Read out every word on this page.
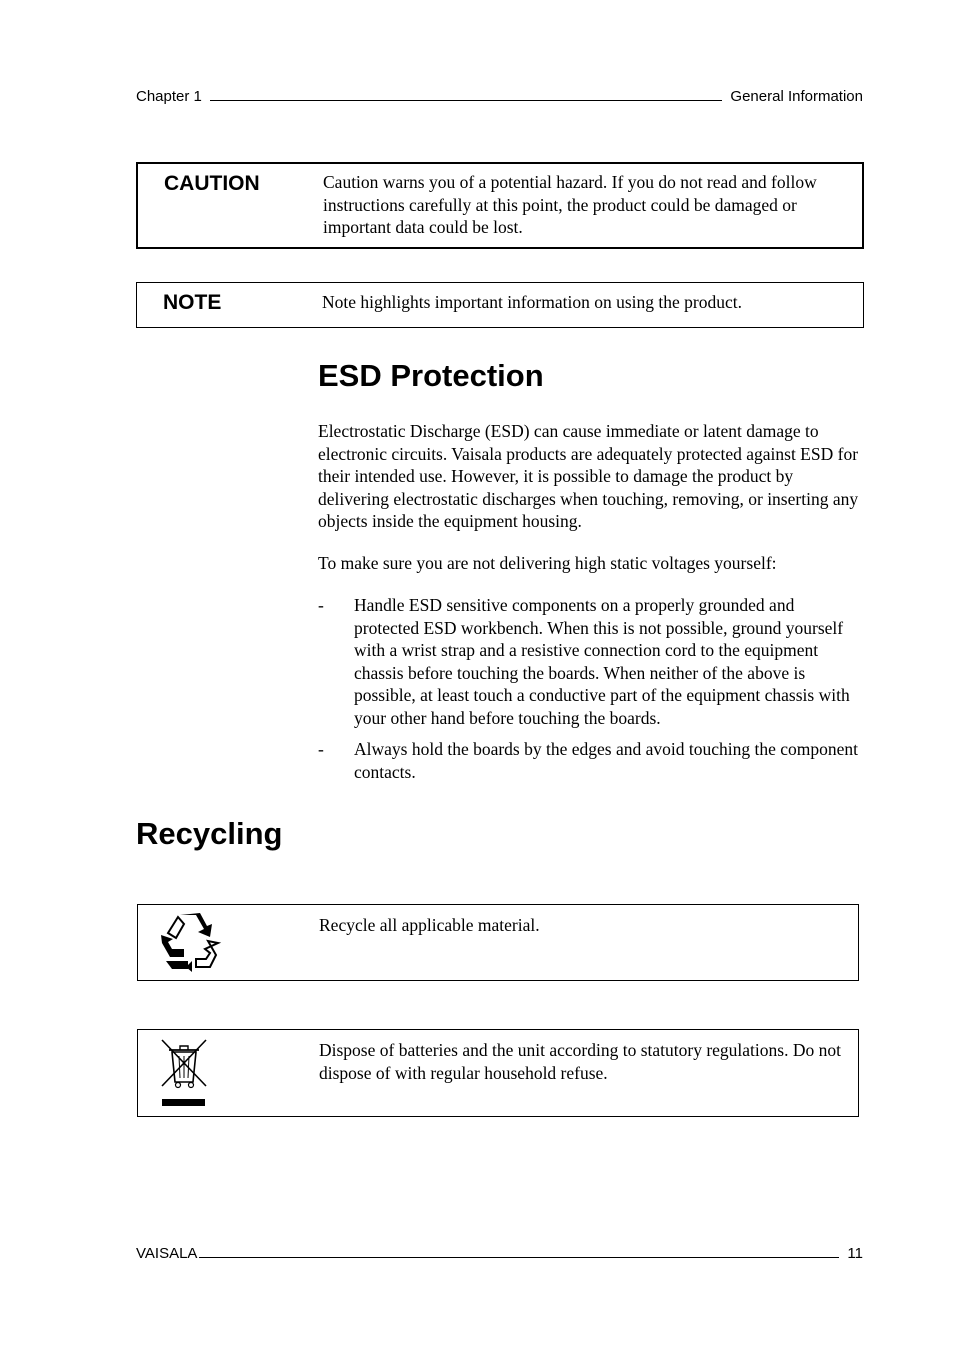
Chapter 1	General Information
CAUTION	Caution warns you of a potential hazard. If you do not read and follow instructions carefully at this point, the product could be damaged or important data could be lost.
NOTE	Note highlights important information on using the product.
ESD Protection

Electrostatic Discharge (ESD) can cause immediate or latent damage to electronic circuits. Vaisala products are adequately protected against ESD for their intended use. However, it is possible to damage the product by delivering electrostatic discharges when touching, removing, or inserting any objects inside the equipment housing.

To make sure you are not delivering high static voltages yourself:

- Handle ESD sensitive components on a properly grounded and protected ESD workbench. When this is not possible, ground yourself with a wrist strap and a resistive connection cord to the equipment chassis before touching the boards. When neither of the above is possible, at least touch a conductive part of the equipment chassis with your other hand before touching the boards.
- Always hold the boards by the edges and avoid touching the component contacts.
Recycling
Recycle all applicable material.
Dispose of batteries and the unit according to statutory regulations. Do not dispose of with regular household refuse.
VAISALA	11
